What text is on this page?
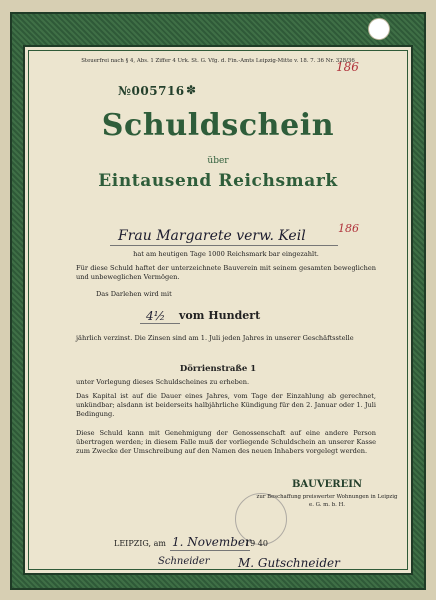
Steuerfrei nach § 4, Abs. 1 Ziffer 4 Urk. St. G. Vfg. d. Fin.-Amts Leipzig-Mitte v. 18. 7. 36 Nr. 328/36
186
№005716 ✽
Schuldschein
über
Eintausend Reichsmark
Frau Margarete verw. Keil	186
hat am heutigen Tage 1000 Reichsmark bar eingezahlt.
Für diese Schuld haftet der unterzeichnete Bauverein mit seinem gesamten beweglichen und unbeweglichen Vermögen.
Das Darlehen wird mit
4½ vom Hundert
jährlich verzinst. Die Zinsen sind am 1. Juli jeden Jahres in unserer Geschäftsstelle
Dörrienstraße 1
unter Vorlegung dieses Schuldscheines zu erheben.
Das Kapital ist auf die Dauer eines Jahres, vom Tage der Einzahlung ab gerechnet, unkündbar; alsdann ist beiderseits halbjährliche Kündigung für den 2. Januar oder 1. Juli Bedingung.
Diese Schuld kann mit Genehmigung der Genossenschaft auf eine andere Person übertragen werden; in diesem Falle muß der vorliegende Schuldschein an unserer Kasse zum Zwecke der Umschreibung auf den Namen des neuen Inhabers vorgelegt werden.
BAUVEREIN
zur Beschaffung preiswerter Wohnungen in Leipzig
e. G. m. b. H.
LEIPZIG, am 1. November
19 40
Schneider M. Gutschneider
